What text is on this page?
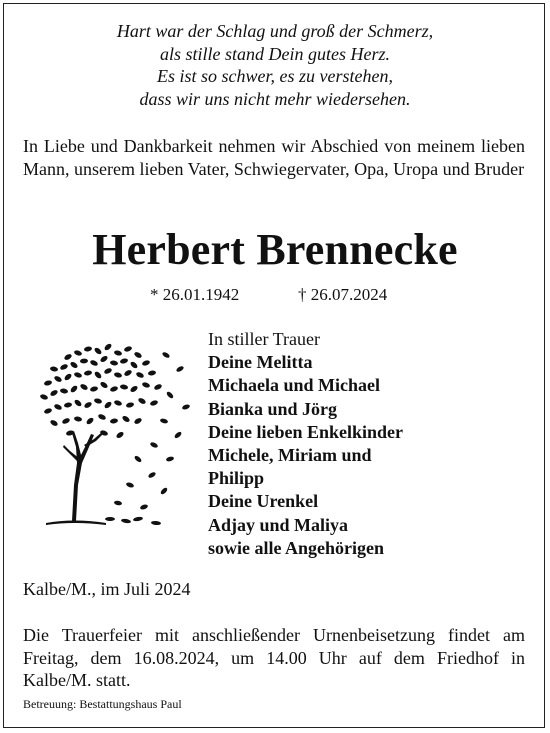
Hart war der Schlag und groß der Schmerz,
als stille stand Dein gutes Herz.
Es ist so schwer, es zu verstehen,
dass wir uns nicht mehr wiedersehen.
In Liebe und Dankbarkeit nehmen wir Abschied von meinem lieben Mann, unserem lieben Vater, Schwiegervater, Opa, Uropa und Bruder
Herbert Brennecke
* 26.01.1942	† 26.07.2024
In stiller Trauer
Deine Melitta
Michaela und Michael
Bianka und Jörg
Deine lieben Enkelkinder
Michele, Miriam und
Philipp
Deine Urenkel
Adjay und Maliya
sowie alle Angehörigen
Kalbe/M., im Juli 2024
Die Trauerfeier mit anschließender Urnenbeisetzung findet am
Freitag, dem 16.08.2024, um 14.00 Uhr auf dem Friedhof in
Kalbe/M. statt.
Betreuung: Bestattungshaus Paul
